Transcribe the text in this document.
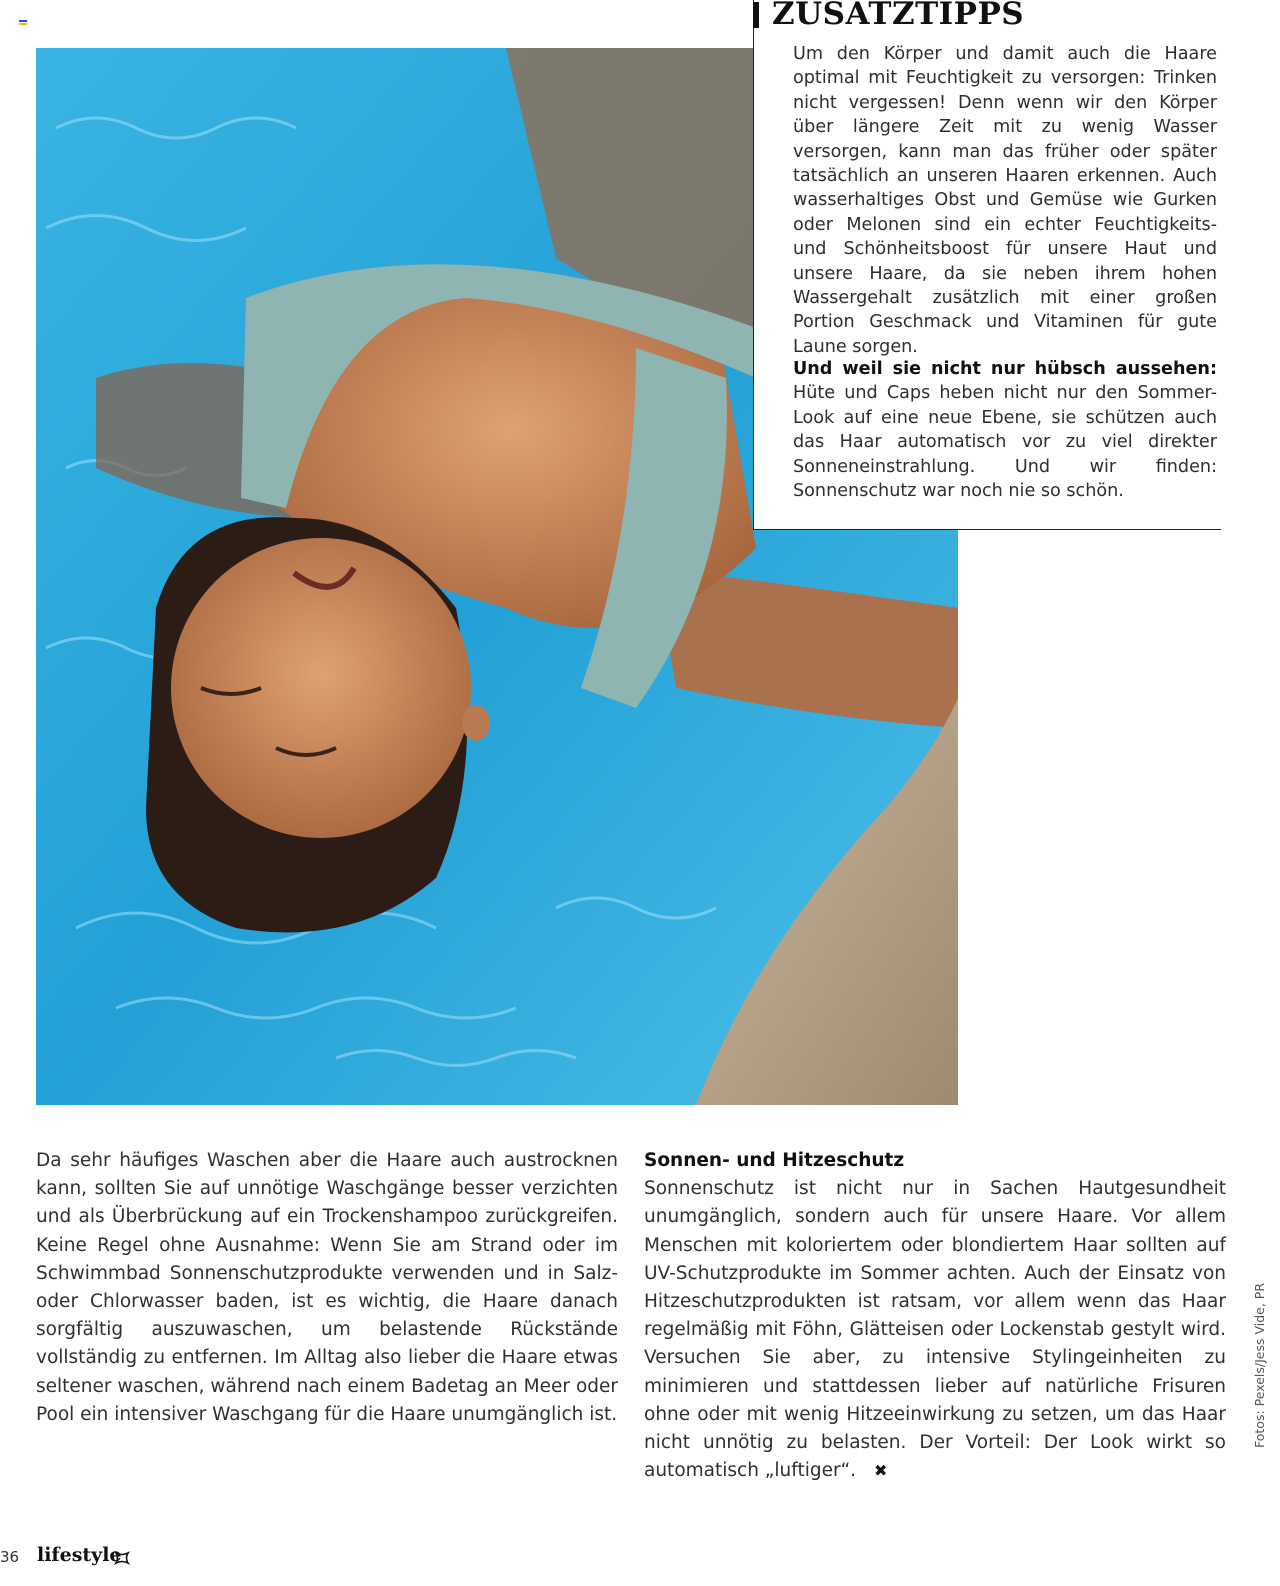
ZUSATZTIPPS

Um den Körper und damit auch die Haare optimal mit Feuchtigkeit zu versorgen: Trinken nicht vergessen! Denn wenn wir den Körper über längere Zeit mit zu wenig Wasser versorgen, kann man das früher oder später tatsächlich an unseren Haaren erkennen. Auch wasserhaltiges Obst und Gemüse wie Gurken oder Melonen sind ein echter Feuchtigkeits- und Schönheitsboost für unsere Haut und unsere Haare, da sie neben ihrem hohen Wassergehalt zusätzlich mit einer großen Portion Geschmack und Vitaminen für gute Laune sorgen.

Und weil sie nicht nur hübsch aussehen: Hüte und Caps heben nicht nur den Sommer-Look auf eine neue Ebene, sie schützen auch das Haar automatisch vor zu viel direkter Sonneneinstrahlung. Und wir finden: Sonnenschutz war noch nie so schön.

Da sehr häufiges Waschen aber die Haare auch austrocknen kann, sollten Sie auf unnötige Waschgänge besser verzichten und als Überbrückung auf ein Trockenshampoo zurückgreifen. Keine Regel ohne Ausnahme: Wenn Sie am Strand oder im Schwimmbad Sonnenschutzprodukte verwenden und in Salz- oder Chlorwasser baden, ist es wichtig, die Haare danach sorgfältig auszuwaschen, um belastende Rückstände vollständig zu entfernen. Im Alltag also lieber die Haare etwas seltener waschen, während nach einem Badetag an Meer oder Pool ein intensiver Waschgang für die Haare unumgänglich ist.

Sonnen- und Hitzeschutz
Sonnenschutz ist nicht nur in Sachen Hautgesundheit unumgänglich, sondern auch für unsere Haare. Vor allem Menschen mit koloriertem oder blondiertem Haar sollten auf UV-Schutzprodukte im Sommer achten. Auch der Einsatz von Hitzeschutzprodukten ist ratsam, vor allem wenn das Haar regelmäßig mit Föhn, Glätteisen oder Lockenstab gestylt wird. Versuchen Sie aber, zu intensive Stylingeinheiten zu minimieren und stattdessen lieber auf natürliche Frisuren ohne oder mit wenig Hitzeeinwirkung zu setzen, um das Haar nicht unnötig zu belasten. Der Vorteil: Der Look wirkt so automatisch „luftiger“. ✖
Fotos: Pexels/Jess Vide, PR
36 lifestyle
